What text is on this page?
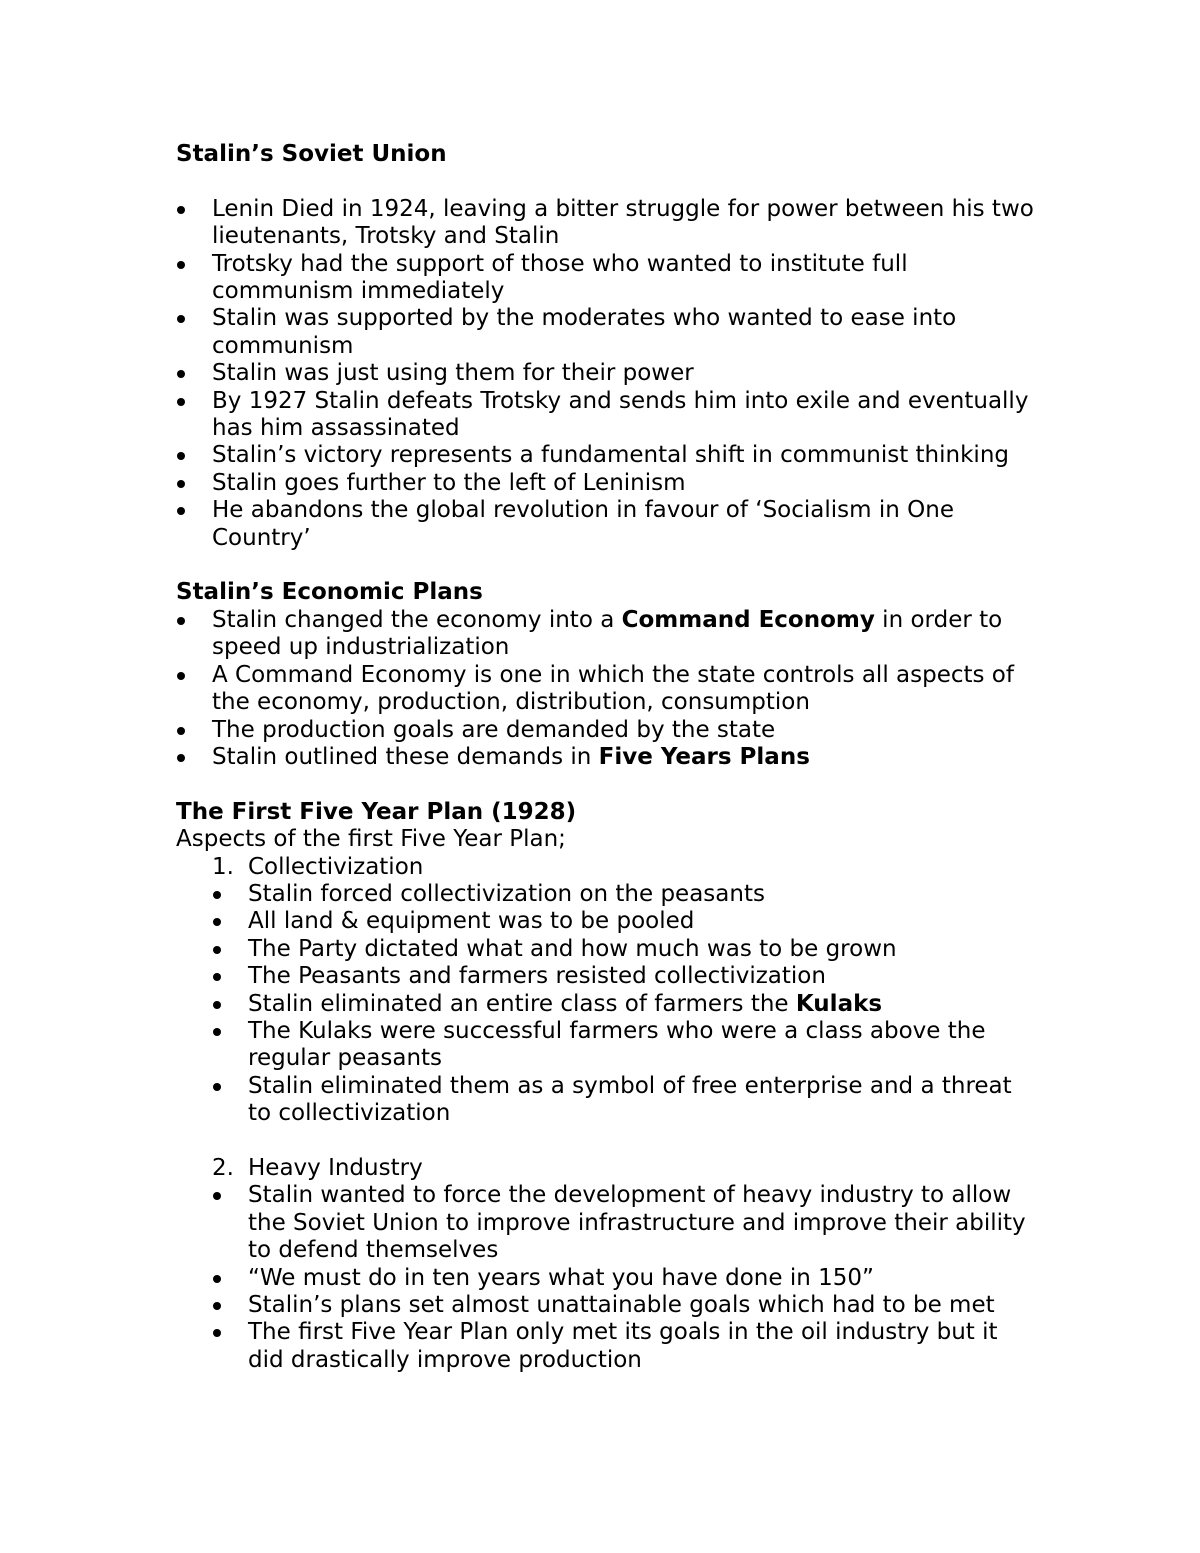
Stalin’s Soviet Union

Lenin Died in 1924, leaving a bitter struggle for power between his two lieutenants, Trotsky and Stalin
Trotsky had the support of those who wanted to institute full communism immediately
Stalin was supported by the moderates who wanted to ease into communism
Stalin was just using them for their power
By 1927 Stalin defeats Trotsky and sends him into exile and eventually has him assassinated
Stalin’s victory represents a fundamental shift in communist thinking
Stalin goes further to the left of Leninism
He abandons the global revolution in favour of ‘Socialism in One Country’

Stalin’s Economic Plans

Stalin changed the economy into a Command Economy in order to speed up industrialization
A Command Economy is one in which the state controls all aspects of the economy, production, distribution, consumption
The production goals are demanded by the state
Stalin outlined these demands in Five Years Plans

The First Five Year Plan (1928)

Aspects of the first Five Year Plan;
1. Collectivization
Stalin forced collectivization on the peasants
All land & equipment was to be pooled
The Party dictated what and how much was to be grown
The Peasants and farmers resisted collectivization
Stalin eliminated an entire class of farmers the Kulaks
The Kulaks were successful farmers who were a class above the regular peasants
Stalin eliminated them as a symbol of free enterprise and a threat to collectivization
2. Heavy Industry
Stalin wanted to force the development of heavy industry to allow the Soviet Union to improve infrastructure and improve their ability to defend themselves
“We must do in ten years what you have done in 150”
Stalin’s plans set almost unattainable goals which had to be met
The first Five Year Plan only met its goals in the oil industry but it did drastically improve production
